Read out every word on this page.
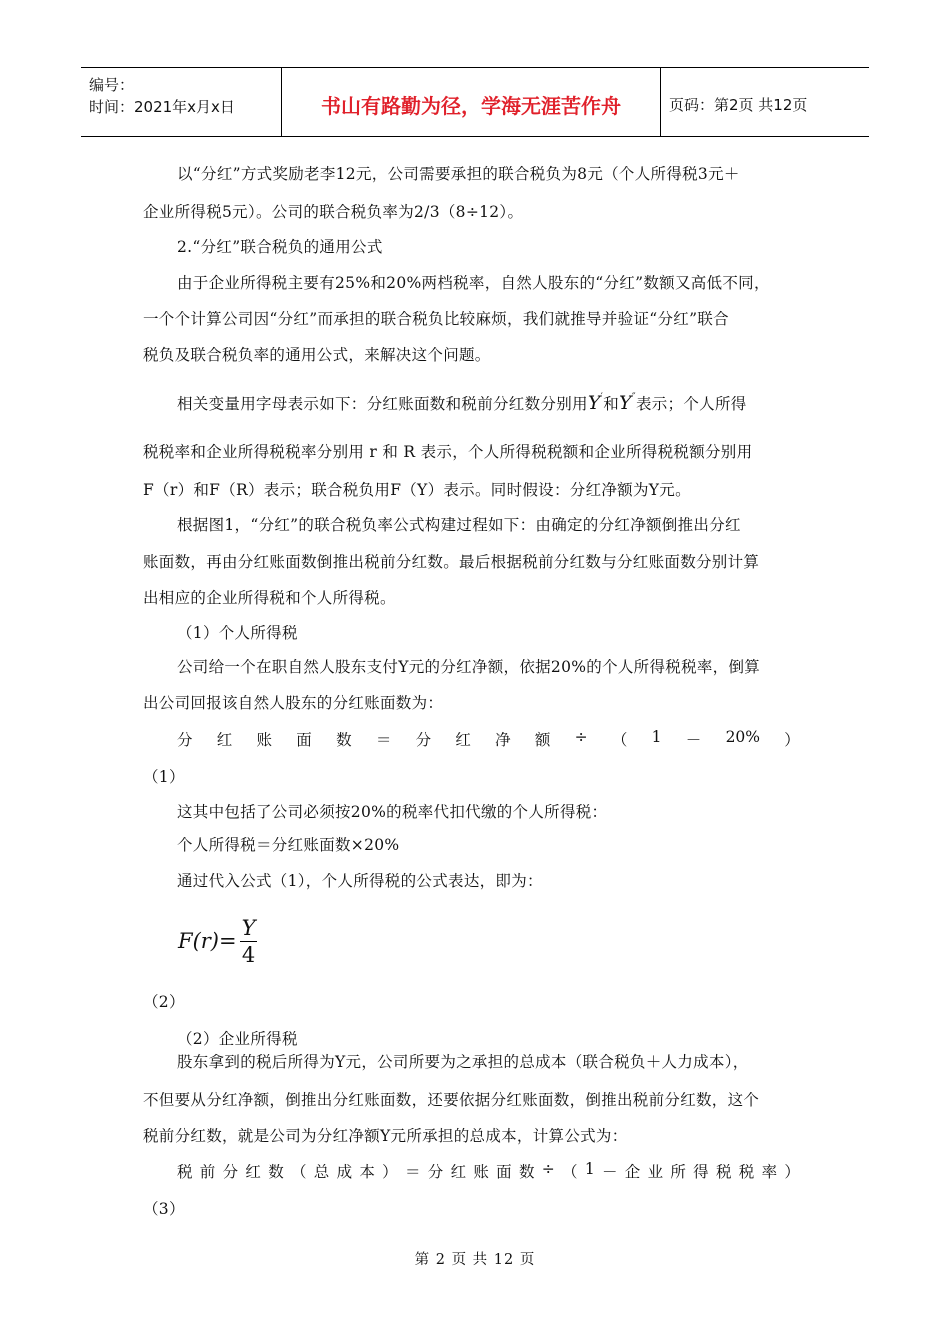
编号：
时间：2021年x月x日	书山有路勤为径，学海无涯苦作舟	页码：第2页 共12页
以“分红”方式奖励老李12元，公司需要承担的联合税负为8元（个人所得税3元＋
企业所得税5元）。公司的联合税负率为2/3（8÷12）。
2.“分红”联合税负的通用公式
由于企业所得税主要有25%和20%两档税率，自然人股东的“分红”数额又高低不同，
一个个计算公司因“分红”而承担的联合税负比较麻烦，我们就推导并验证“分红”联合
税负及联合税负率的通用公式，来解决这个问题。
相关变量用字母表示如下：分红账面数和税前分红数分别用Y′和Y″表示；个人所得
税税率和企业所得税税率分别用 r 和 R 表示，个人所得税税额和企业所得税税额分别用
F（r）和F（R）表示；联合税负用F（Y）表示。同时假设：分红净额为Y元。
根据图1，“分红”的联合税负率公式构建过程如下：由确定的分红净额倒推出分红
账面数，再由分红账面数倒推出税前分红数。最后根据税前分红数与分红账面数分别计算
出相应的企业所得税和个人所得税。
（1）个人所得税
公司给一个在职自然人股东支付Y元的分红净额，依据20%的个人所得税税率，倒算
出公司回报该自然人股东的分红账面数为：
分 红 账 面 数 ＝ 分 红 净 额 ÷ （ 1 － 20% ）
（1）
这其中包括了公司必须按20%的税率代扣代缴的个人所得税：
个人所得税＝分红账面数×20%
通过代入公式（1），个人所得税的公式表达，即为：
$F(r)= \frac{Y}{4}$
（2）
（2）企业所得税
股东拿到的税后所得为Y元，公司所要为之承担的总成本（联合税负＋人力成本），
不但要从分红净额，倒推出分红账面数，还要依据分红账面数，倒推出税前分红数，这个
税前分红数，就是公司为分红净额Y元所承担的总成本，计算公式为：
税 前 分 红 数 （ 总 成 本 ） ＝ 分 红 账 面 数 ÷ （ 1 － 企 业 所 得 税 税 率 ）
（3）
第 2 页 共 12 页
